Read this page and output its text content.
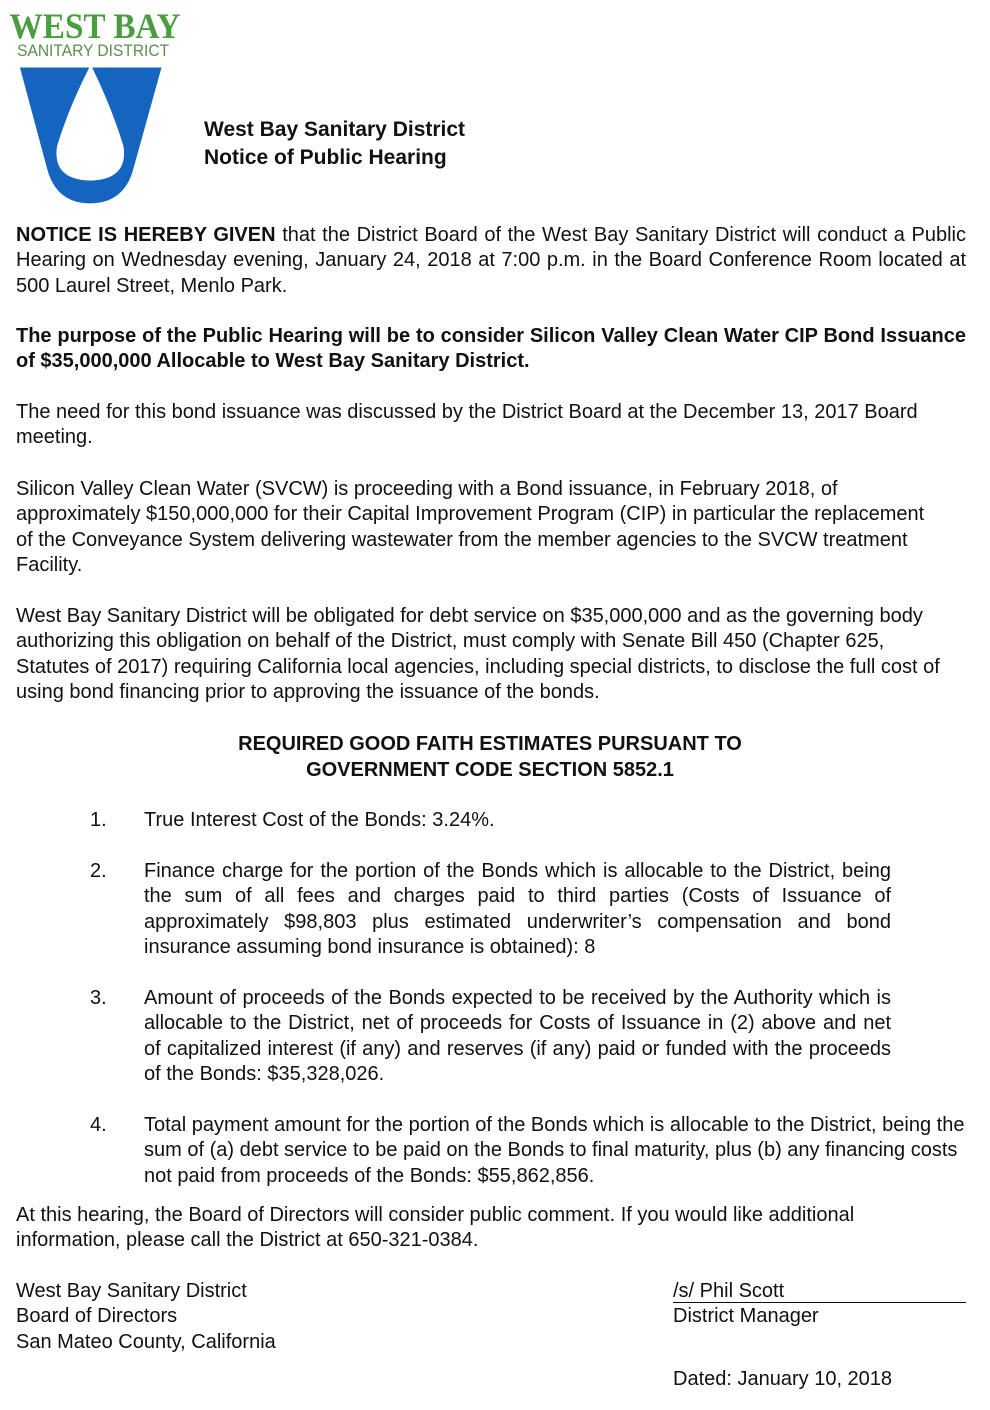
WEST BAY
SANITARY DISTRICT
West Bay Sanitary District
Notice of Public Hearing

NOTICE IS HEREBY GIVEN that the District Board of the West Bay Sanitary District will conduct a Public Hearing on Wednesday evening, January 24, 2018 at 7:00 p.m. in the Board Conference Room located at 500 Laurel Street, Menlo Park.

The purpose of the Public Hearing will be to consider Silicon Valley Clean Water CIP Bond Issuance of $35,000,000 Allocable to West Bay Sanitary District.

The need for this bond issuance was discussed by the District Board at the December 13, 2017 Board meeting.

Silicon Valley Clean Water (SVCW) is proceeding with a Bond issuance, in February 2018, of approximately $150,000,000 for their Capital Improvement Program (CIP) in particular the replacement of the Conveyance System delivering wastewater from the member agencies to the SVCW treatment Facility.

West Bay Sanitary District will be obligated for debt service on $35,000,000 and as the governing body authorizing this obligation on behalf of the District, must comply with Senate Bill 450 (Chapter 625, Statutes of 2017) requiring California local agencies, including special districts, to disclose the full cost of using bond financing prior to approving the issuance of the bonds.

REQUIRED GOOD FAITH ESTIMATES PURSUANT TO
GOVERNMENT CODE SECTION 5852.1
1. True Interest Cost of the Bonds: 3.24%.

2. Finance charge for the portion of the Bonds which is allocable to the District, being the sum of all fees and charges paid to third parties (Costs of Issuance of approximately $98,803 plus estimated underwriter’s compensation and bond insurance assuming bond insurance is obtained): 8

3. Amount of proceeds of the Bonds expected to be received by the Authority which is allocable to the District, net of proceeds for Costs of Issuance in (2) above and net of capitalized interest (if any) and reserves (if any) paid or funded with the proceeds of the Bonds: $35,328,026.

4. Total payment amount for the portion of the Bonds which is allocable to the District, being the sum of (a) debt service to be paid on the Bonds to final maturity, plus (b) any financing costs not paid from proceeds of the Bonds: $55,862,856.

At this hearing, the Board of Directors will consider public comment. If you would like additional information, please call the District at 650-321-0384.

West Bay Sanitary District
Board of Directors
San Mateo County, California
/s/ Phil Scott
District Manager
Dated: January 10, 2018
